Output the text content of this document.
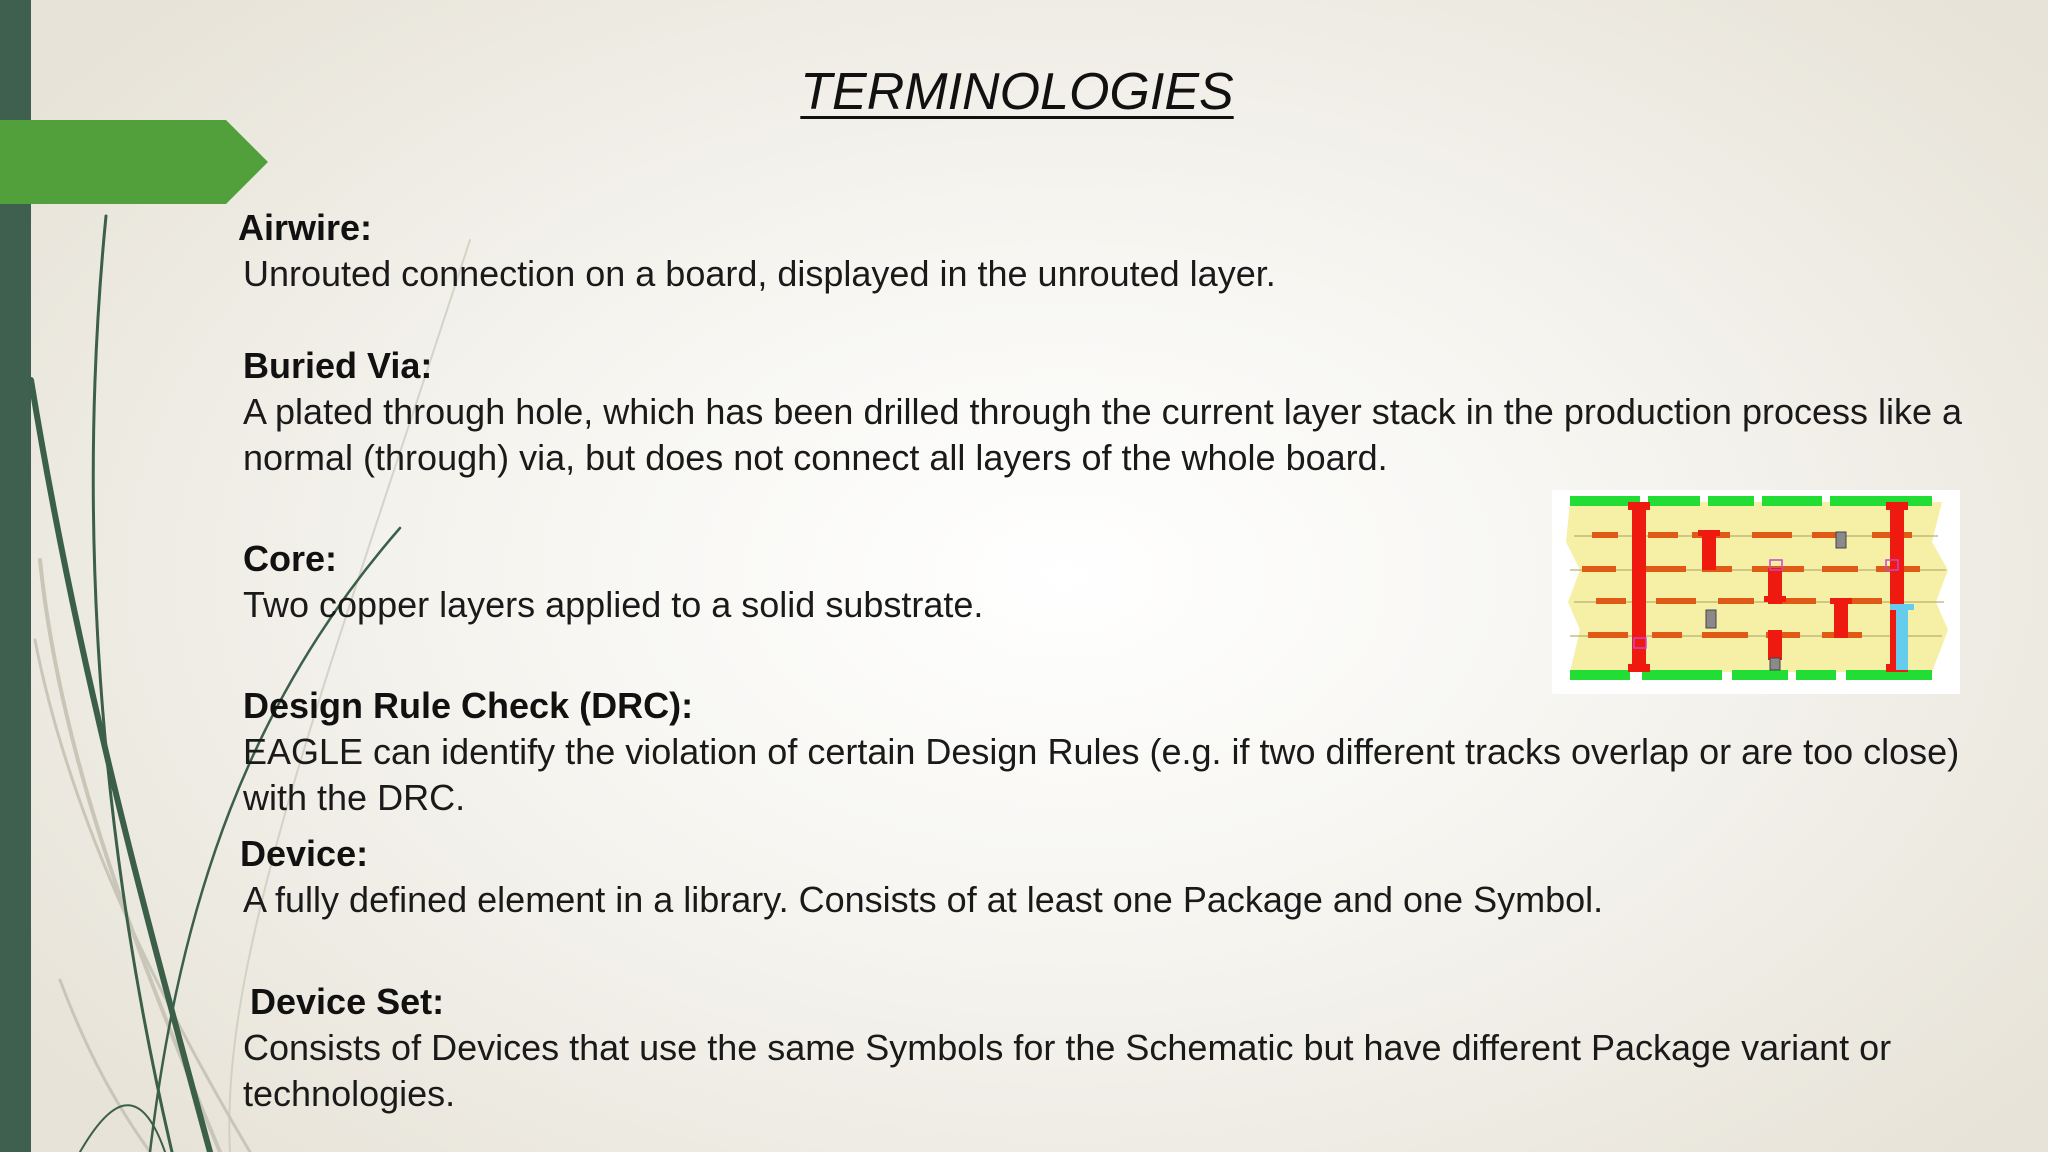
TERMINOLOGIES
Airwire:
Unrouted connection on a board, displayed in the unrouted layer.
Buried Via:
A plated through hole, which has been drilled through the current layer stack in the production process like a normal (through) via, but does not connect all layers of the whole board.
Core:
Two copper layers applied to a solid substrate.
Design Rule Check (DRC):
EAGLE can identify the violation of certain Design Rules (e.g. if two different tracks overlap or are too close) with the DRC.
Device:
A fully defined element in a library. Consists of at least one Package and one Symbol.
Device Set:
Consists of Devices that use the same Symbols for the Schematic but have different Package variant or technologies.
